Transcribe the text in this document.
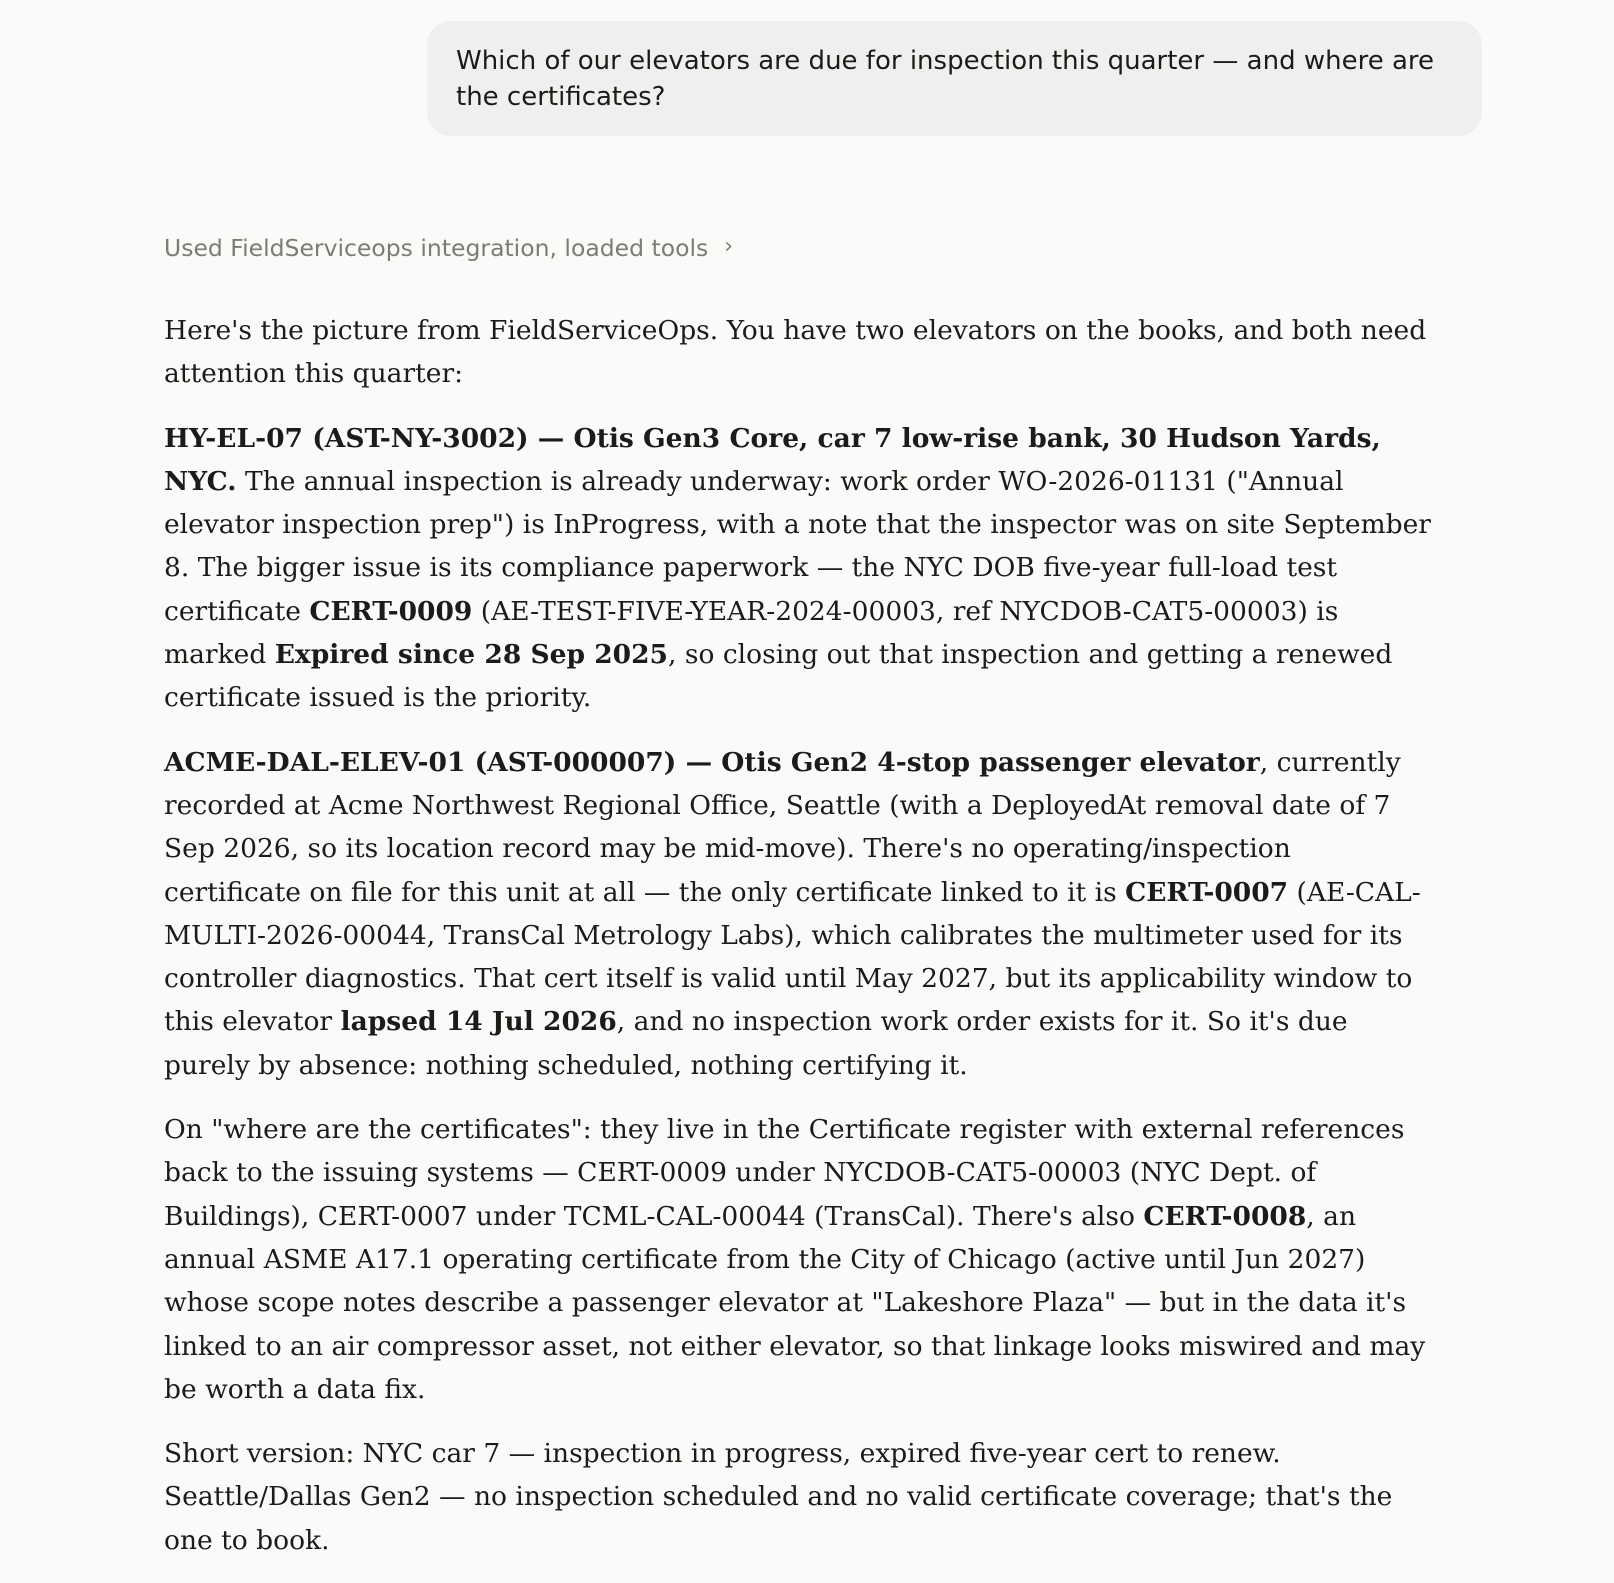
Which of our elevators are due for inspection this quarter — and where are the certificates?
Used FieldServiceops integration, loaded tools ›

Here's the picture from FieldServiceOps. You have two elevators on the books, and both need attention this quarter:

HY-EL-07 (AST-NY-3002) — Otis Gen3 Core, car 7 low-rise bank, 30 Hudson Yards, NYC. The annual inspection is already underway: work order WO-2026-01131 ("Annual elevator inspection prep") is InProgress, with a note that the inspector was on site September 8. The bigger issue is its compliance paperwork — the NYC DOB five-year full-load test certificate CERT-0009 (AE-TEST-FIVE-YEAR-2024-00003, ref NYCDOB-CAT5-00003) is marked Expired since 28 Sep 2025, so closing out that inspection and getting a renewed certificate issued is the priority.

ACME-DAL-ELEV-01 (AST-000007) — Otis Gen2 4-stop passenger elevator, currently recorded at Acme Northwest Regional Office, Seattle (with a DeployedAt removal date of 7 Sep 2026, so its location record may be mid-move). There's no operating/inspection certificate on file for this unit at all — the only certificate linked to it is CERT-0007 (AE-CAL-MULTI-2026-00044, TransCal Metrology Labs), which calibrates the multimeter used for its controller diagnostics. That cert itself is valid until May 2027, but its applicability window to this elevator lapsed 14 Jul 2026, and no inspection work order exists for it. So it's due purely by absence: nothing scheduled, nothing certifying it.

On "where are the certificates": they live in the Certificate register with external references back to the issuing systems — CERT-0009 under NYCDOB-CAT5-00003 (NYC Dept. of Buildings), CERT-0007 under TCML-CAL-00044 (TransCal). There's also CERT-0008, an annual ASME A17.1 operating certificate from the City of Chicago (active until Jun 2027) whose scope notes describe a passenger elevator at "Lakeshore Plaza" — but in the data it's linked to an air compressor asset, not either elevator, so that linkage looks miswired and may be worth a data fix.

Short version: NYC car 7 — inspection in progress, expired five-year cert to renew. Seattle/Dallas Gen2 — no inspection scheduled and no valid certificate coverage; that's the one to book.
